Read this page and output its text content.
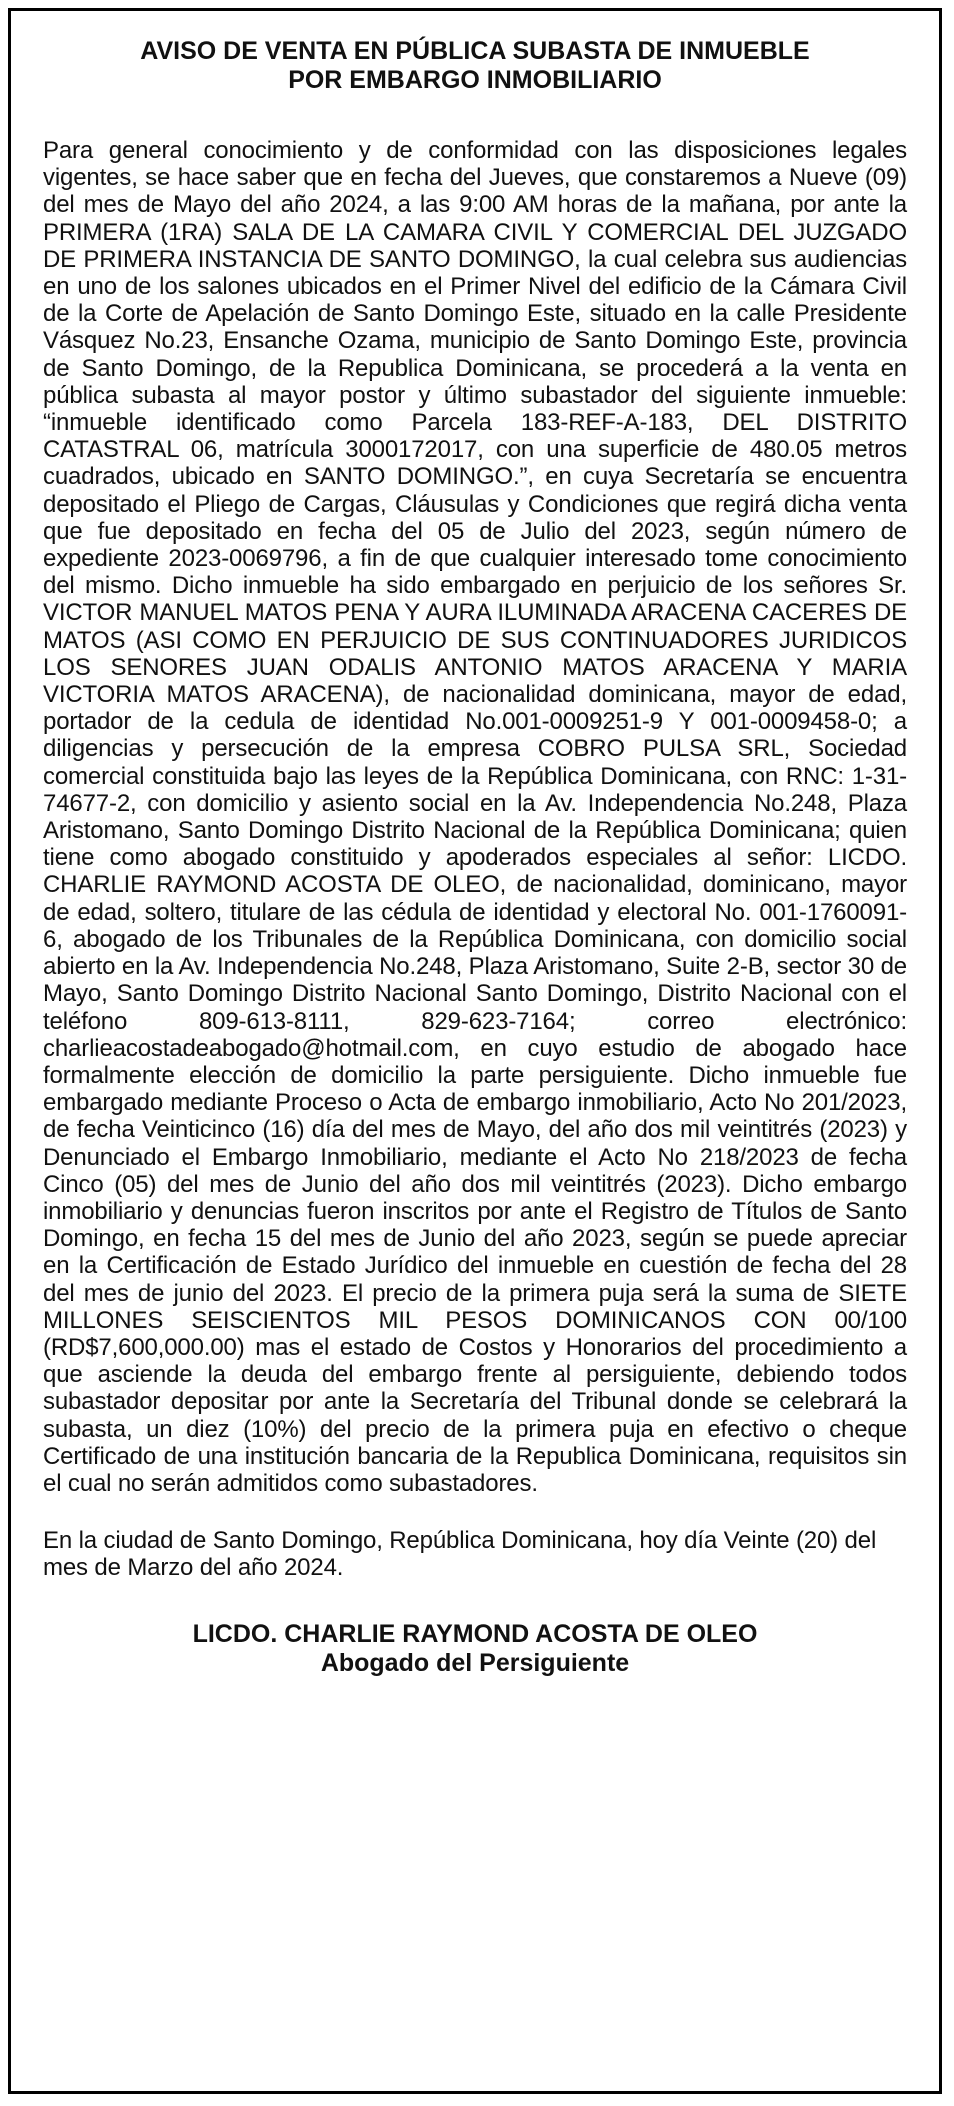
AVISO DE VENTA EN PÚBLICA SUBASTA DE INMUEBLE
POR EMBARGO INMOBILIARIO

Para general conocimiento y de conformidad con las disposiciones legales vigentes, se hace saber que en fecha del Jueves, que constaremos a Nueve (09) del mes de Mayo del año 2024, a las 9:00 AM horas de la mañana, por ante la PRIMERA (1RA) SALA DE LA CAMARA CIVIL Y COMERCIAL DEL JUZGADO DE PRIMERA INSTANCIA DE SANTO DOMINGO, la cual celebra sus audiencias en uno de los salones ubicados en el Primer Nivel del edificio de la Cámara Civil de la Corte de Apelación de Santo Domingo Este, situado en la calle Presidente Vásquez No.23, Ensanche Ozama, municipio de Santo Domingo Este, provincia de Santo Domingo, de la Republica Dominicana, se procederá a la venta en pública subasta al mayor postor y último subastador del siguiente inmueble: “inmueble identificado como Parcela 183-REF-A-183, DEL DISTRITO CATASTRAL 06, matrícula 3000172017, con una superficie de 480.05 metros cuadrados, ubicado en SANTO DOMINGO.”, en cuya Secretaría se encuentra depositado el Pliego de Cargas, Cláusulas y Condiciones que regirá dicha venta que fue depositado en fecha del 05 de Julio del 2023, según número de expediente 2023-0069796, a fin de que cualquier interesado tome conocimiento del mismo. Dicho inmueble ha sido embargado en perjuicio de los señores Sr. VICTOR MANUEL MATOS PENA Y AURA ILUMINADA ARACENA CACERES DE MATOS (ASI COMO EN PERJUICIO DE SUS CONTINUADORES JURIDICOS LOS SENORES JUAN ODALIS ANTONIO MATOS ARACENA Y MARIA VICTORIA MATOS ARACENA), de nacionalidad dominicana, mayor de edad, portador de la cedula de identidad No.001-0009251-9 Y 001-0009458-0; a diligencias y persecución de la empresa COBRO PULSA SRL, Sociedad comercial constituida bajo las leyes de la República Dominicana, con RNC: 1-31-74677-2, con domicilio y asiento social en la Av. Independencia No.248, Plaza Aristomano, Santo Domingo Distrito Nacional de la República Dominicana; quien tiene como abogado constituido y apoderados especiales al señor: LICDO. CHARLIE RAYMOND ACOSTA DE OLEO, de nacionalidad, dominicano, mayor de edad, soltero, titulare de las cédula de identidad y electoral No. 001-1760091-6, abogado de los Tribunales de la República Dominicana, con domicilio social abierto en la Av. Independencia No.248, Plaza Aristomano, Suite 2-B, sector 30 de Mayo, Santo Domingo Distrito Nacional Santo Domingo, Distrito Nacional con el teléfono 809-613-8111, 829-623-7164; correo electrónico: charlieacostadeabogado@hotmail.com, en cuyo estudio de abogado hace formalmente elección de domicilio la parte persiguiente. Dicho inmueble fue embargado mediante Proceso o Acta de embargo inmobiliario, Acto No 201/2023, de fecha Veinticinco (16) día del mes de Mayo, del año dos mil veintitrés (2023) y Denunciado el Embargo Inmobiliario, mediante el Acto No 218/2023 de fecha Cinco (05) del mes de Junio del año dos mil veintitrés (2023). Dicho embargo inmobiliario y denuncias fueron inscritos por ante el Registro de Títulos de Santo Domingo, en fecha 15 del mes de Junio del año 2023, según se puede apreciar en la Certificación de Estado Jurídico del inmueble en cuestión de fecha del 28 del mes de junio del 2023. El precio de la primera puja será la suma de SIETE MILLONES SEISCIENTOS MIL PESOS DOMINICANOS CON 00/100 (RD$7,600,000.00) mas el estado de Costos y Honorarios del procedimiento a que asciende la deuda del embargo frente al persiguiente, debiendo todos subastador depositar por ante la Secretaría del Tribunal donde se celebrará la subasta, un diez (10%) del precio de la primera puja en efectivo o cheque Certificado de una institución bancaria de la Republica Dominicana, requisitos sin el cual no serán admitidos como subastadores.

En la ciudad de Santo Domingo, República Dominicana, hoy día Veinte (20) del mes de Marzo del año 2024.

LICDO. CHARLIE RAYMOND ACOSTA DE OLEO
Abogado del Persiguiente
